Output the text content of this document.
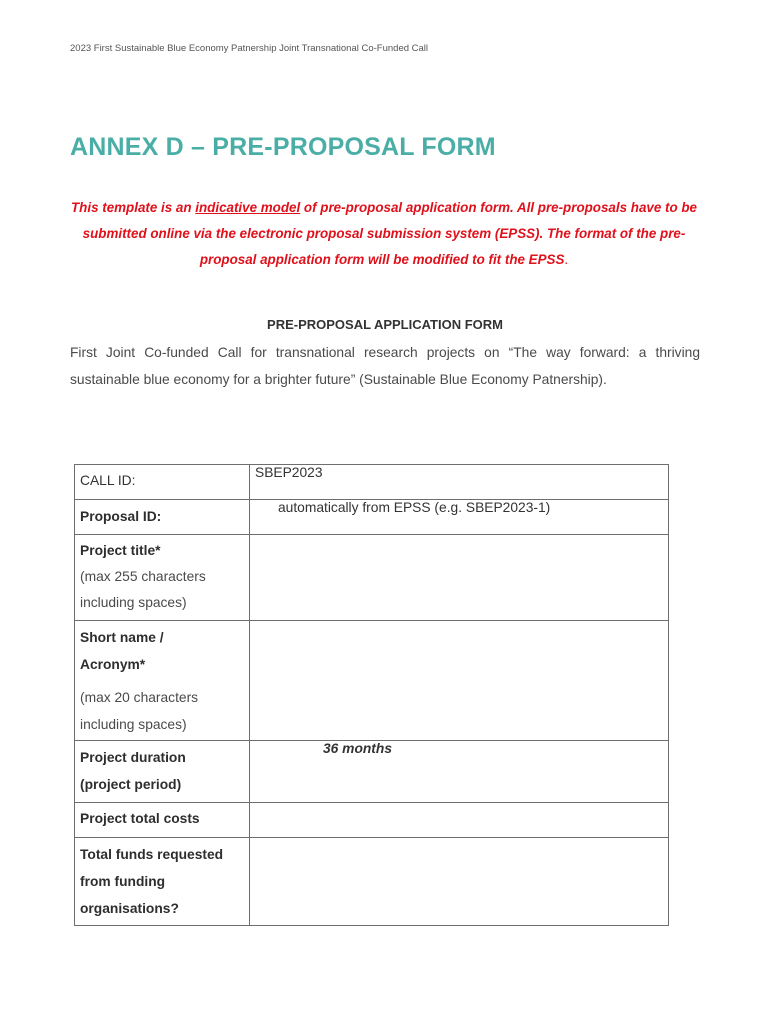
2023 First Sustainable Blue Economy Patnership Joint Transnational Co-Funded Call
ANNEX D – PRE-PROPOSAL FORM

This template is an indicative model of pre-proposal application form. All pre-proposals have to be submitted online via the electronic proposal submission system (EPSS). The format of the pre-proposal application form will be modified to fit the EPSS.

PRE-PROPOSAL APPLICATION FORM

First Joint Co-funded Call for transnational research projects on “The way forward: a thriving sustainable blue economy for a brighter future” (Sustainable Blue Economy Patnership).

CALL ID:	SBEP2023

Proposal ID:	automatically from EPSS (e.g. SBEP2023-1)

Project title*
(max 255 characters
including spaces)	

Short name /
Acronym*
(max 20 characters
including spaces)	

Project duration
(project period)	36 months

Project total costs	

Total funds requested
from funding
organisations?	
